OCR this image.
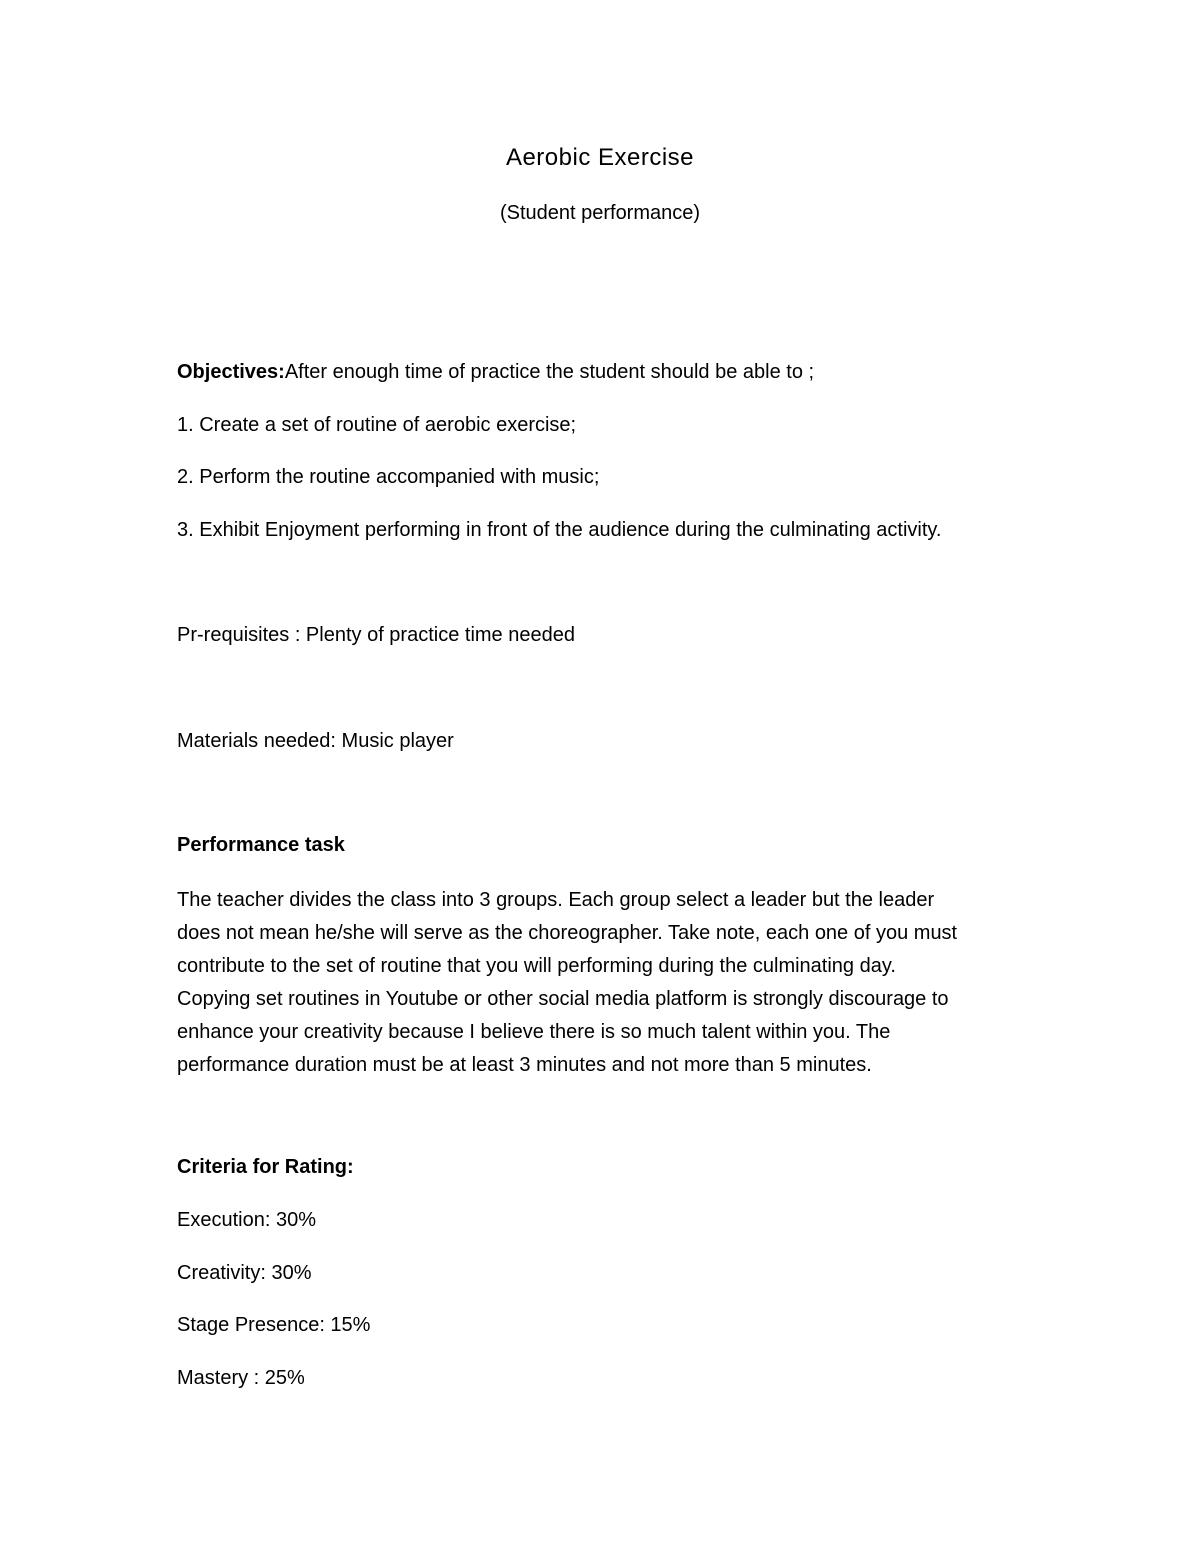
Aerobic Exercise
(Student performance)
Objectives:After enough time of practice the student should be able to ;
1. Create a set of routine of aerobic exercise;
2. Perform the routine accompanied with music;
3. Exhibit Enjoyment performing in front of the audience during the culminating activity.
Pr-requisites : Plenty of practice time needed
Materials needed: Music player
Performance task
The teacher divides the class into 3 groups. Each group select a leader but the leader
does not mean he/she will serve as the choreographer. Take note, each one of you must
contribute to the set of routine that you will performing during the culminating day.
Copying set routines in Youtube or other social media platform is strongly discourage to
enhance your creativity because I believe there is so much talent within you. The
performance duration must be at least 3 minutes and not more than 5 minutes.
Criteria for Rating:
Execution: 30%
Creativity: 30%
Stage Presence: 15%
Mastery : 25%
